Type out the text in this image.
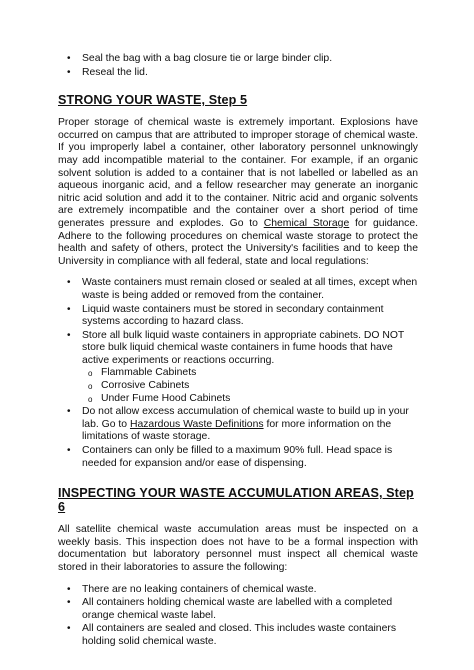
• Seal the bag with a bag closure tie or large binder clip.
• Reseal the lid.
STRONG YOUR WASTE, Step 5

Proper storage of chemical waste is extremely important. Explosions have occurred on campus that are attributed to improper storage of chemical waste. If you improperly label a container, other laboratory personnel unknowingly may add incompatible material to the container. For example, if an organic solvent solution is added to a container that is not labelled or labelled as an aqueous inorganic acid, and a fellow researcher may generate an inorganic nitric acid solution and add it to the container. Nitric acid and organic solvents are extremely incompatible and the container over a short period of time generates pressure and explodes. Go to Chemical Storage for guidance. Adhere to the following procedures on chemical waste storage to protect the health and safety of others, protect the University's facilities and to keep the University in compliance with all federal, state and local regulations:

• Waste containers must remain closed or sealed at all times, except when waste is being added or removed from the container.
• Liquid waste containers must be stored in secondary containment systems according to hazard class.
• Store all bulk liquid waste containers in appropriate cabinets. DO NOT store bulk liquid chemical waste containers in fume hoods that have active experiments or reactions occurring.
o Flammable Cabinets
o Corrosive Cabinets
o Under Fume Hood Cabinets
• Do not allow excess accumulation of chemical waste to build up in your lab. Go to Hazardous Waste Definitions for more information on the limitations of waste storage.
• Containers can only be filled to a maximum 90% full. Head space is needed for expansion and/or ease of dispensing.
INSPECTING YOUR WASTE ACCUMULATION AREAS, Step 6

All satellite chemical waste accumulation areas must be inspected on a weekly basis. This inspection does not have to be a formal inspection with documentation but laboratory personnel must inspect all chemical waste stored in their laboratories to assure the following:

• There are no leaking containers of chemical waste.
• All containers holding chemical waste are labelled with a completed orange chemical waste label.
• All containers are sealed and closed. This includes waste containers holding solid chemical waste.
